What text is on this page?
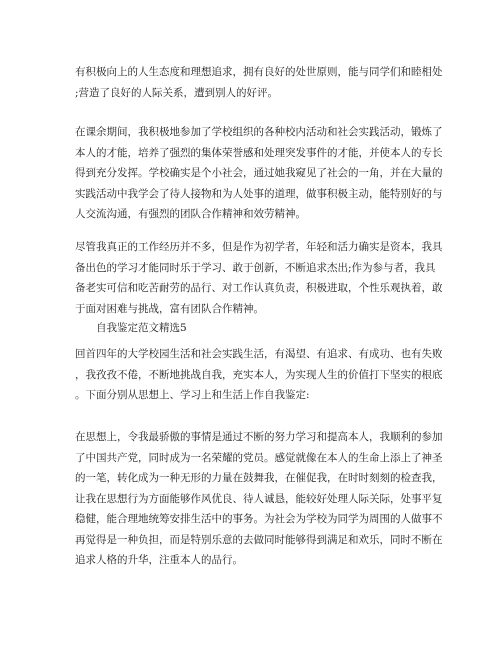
有积极向上的人生态度和理想追求，拥有良好的处世原则，能与同学们和睦相处
;营造了良好的人际关系，遭到别人的好评。
在课余期间，我积极地参加了学校组织的各种校内活动和社会实践活动，锻炼了
本人的才能，培养了强烈的集体荣誉感和处理突发事件的才能，并使本人的专长
得到充分发挥。学校确实是个小社会，通过她我窥见了社会的一角，并在大量的
实践活动中我学会了待人接物和为人处事的道理，做事积极主动，能特别好的与
人交流沟通，有强烈的团队合作精神和效劳精神。
尽管我真正的工作经历并不多，但是作为初学者，年轻和活力确实是资本，我具
备出色的学习才能同时乐于学习、敢于创新，不断追求杰出;作为参与者，我具
备老实可信和吃苦耐劳的品行、对工作认真负责，积极进取，个性乐观执着，敢
于面对困难与挑战，富有团队合作精神。
自我鉴定范文精选5
回首四年的大学校园生活和社会实践生活，有渴望、有追求、有成功、也有失败
，我孜孜不倦，不断地挑战自我，充实本人，为实现人生的价值打下坚实的根底
。下面分别从思想上、学习上和生活上作自我鉴定:
在思想上，令我最骄傲的事情是通过不断的努力学习和提高本人，我顺利的参加
了中国共产党，同时成为一名荣耀的党员。感觉就像在本人的生命上添上了神圣
的一笔，转化成为一种无形的力量在鼓舞我，在催促我，在时时刻刻的检查我，
让我在思想行为方面能够作风优良、待人诚恳，能较好处理人际关际，处事平复
稳健，能合理地统筹安排生活中的事务。为社会为学校为同学为周围的人做事不
再觉得是一种负担，而是特别乐意的去做同时能够得到满足和欢乐，同时不断在
追求人格的升华，注重本人的品行。
